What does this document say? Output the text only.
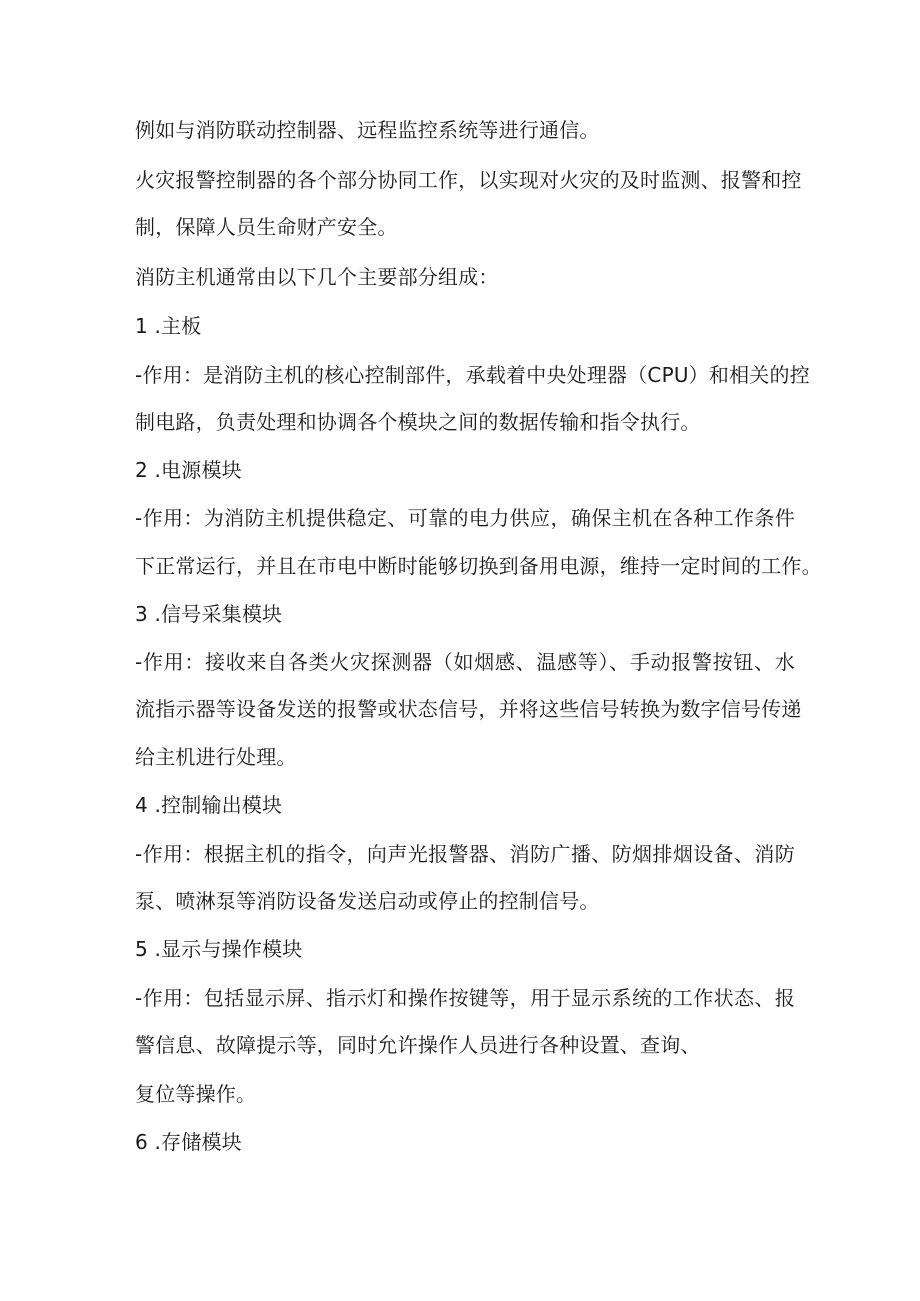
例如与消防联动控制器、远程监控系统等进行通信。
火灾报警控制器的各个部分协同工作，以实现对火灾的及时监测、报警和控
制，保障人员生命财产安全。
消防主机通常由以下几个主要部分组成：
1 .主板
-作用：是消防主机的核心控制部件，承载着中央处理器（CPU）和相关的控
制电路，负责处理和协调各个模块之间的数据传输和指令执行。
2 .电源模块
-作用：为消防主机提供稳定、可靠的电力供应，确保主机在各种工作条件
下正常运行，并且在市电中断时能够切换到备用电源，维持一定时间的工作。
3 .信号采集模块
-作用：接收来自各类火灾探测器（如烟感、温感等）、手动报警按钮、水
流指示器等设备发送的报警或状态信号，并将这些信号转换为数字信号传递
给主机进行处理。
4 .控制输出模块
-作用：根据主机的指令，向声光报警器、消防广播、防烟排烟设备、消防
泵、喷淋泵等消防设备发送启动或停止的控制信号。
5 .显示与操作模块
-作用：包括显示屏、指示灯和操作按键等，用于显示系统的工作状态、报
警信息、故障提示等，同时允许操作人员进行各种设置、查询、
复位等操作。
6 .存储模块
